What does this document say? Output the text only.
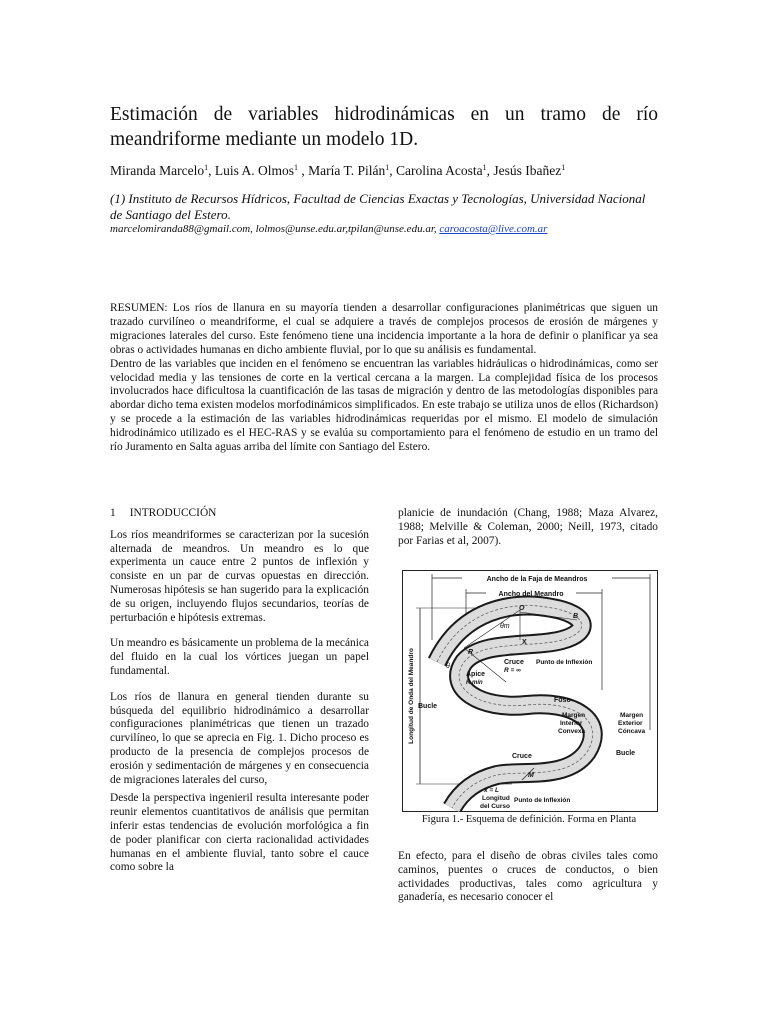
Estimación de variables hidrodinámicas en un tramo de río meandriforme mediante un modelo 1D.
Miranda Marcelo$^1$, Luis A. Olmos$^1$ , María T. Pilán$^1$, Carolina Acosta$^1$, Jesús Ibañez$^1$
(1) Instituto de Recursos Hídricos, Facultad de Ciencias Exactas y Tecnologías, Universidad Nacional de Santiago del Estero.
marcelomiranda88@gmail.com, lolmos@unse.edu.ar,tpilan@unse.edu.ar, caroacosta@live.com.ar

RESUMEN: Los ríos de llanura en su mayoría tienden a desarrollar configuraciones planimétricas que siguen un trazado curvilíneo o meandriforme, el cual se adquiere a través de complejos procesos de erosión de márgenes y migraciones laterales del curso. Este fenómeno tiene una incidencia importante a la hora de definir o planificar ya sea obras o actividades humanas en dicho ambiente fluvial, por lo que su análisis es fundamental.

Dentro de las variables que inciden en el fenómeno se encuentran las variables hidráulicas o hidrodinámicas, como ser velocidad media y las tensiones de corte en la vertical cercana a la margen. La complejidad física de los procesos involucrados hace dificultosa la cuantificación de las tasas de migración y dentro de las metodologías disponibles para abordar dicho tema existen modelos morfodinámicos simplificados. En este trabajo se utiliza unos de ellos (Richardson) y se procede a la estimación de las variables hidrodinámicas requeridas por el mismo. El modelo de simulación hidrodinámico utilizado es el HEC-RAS y se evalúa su comportamiento para el fenómeno de estudio en un tramo del río Juramento en Salta aguas arriba del límite con Santiago del Estero.

1 INTRODUCCIÓN

Los ríos meandriformes se caracterizan por la sucesión alternada de meandros. Un meandro es lo que experimenta un cauce entre 2 puntos de inflexión y consiste en un par de curvas opuestas en dirección. Numerosas hipótesis se han sugerido para la explicación de su origen, incluyendo flujos secundarios, teorías de perturbación e hipótesis extremas.

Un meandro es básicamente un problema de la mecánica del fluido en la cual los vórtices juegan un papel fundamental.

Los ríos de llanura en general tienden durante su búsqueda del equilibrio hidrodinámico a desarrollar configuraciones planimétricas que tienen un trazado curvilíneo, lo que se aprecia en Fig. 1. Dicho proceso es producto de la presencia de complejos procesos de erosión y sedimentación de márgenes y en consecuencia de migraciones laterales del curso,

Desde la perspectiva ingenieril resulta interesante poder reunir elementos cuantitativos de análisis que permitan inferir estas tendencias de evolución morfológica a fin de poder planificar con cierta racionalidad actividades humanas en el ambiente fluvial, tanto sobre el cauce como sobre la

planicie de inundación (Chang, 1988; Maza Alvarez, 1988; Melville & Coleman, 2000; Neill, 1973, citado por Farias et al, 2007).

Ancho de la Faja de Meandros
Ancho del Meandro
Longitud de Onda del Meandro
O
B
θm
X
R
θ
Cruce
R = ∞
Punto de Inflexión
Apice
R mín
Bucle
Foso
Margen
Interior
Convexa
Margen
Exterior
Cóncava
Bucle
Cruce
M
Punto de Inflexión
x = L
Longitud
del Curso
Figura 1.- Esquema de definición. Forma en Planta

En efecto, para el diseño de obras civiles tales como caminos, puentes o cruces de conductos, o bien actividades productivas, tales como agricultura y ganadería, es necesario conocer el
